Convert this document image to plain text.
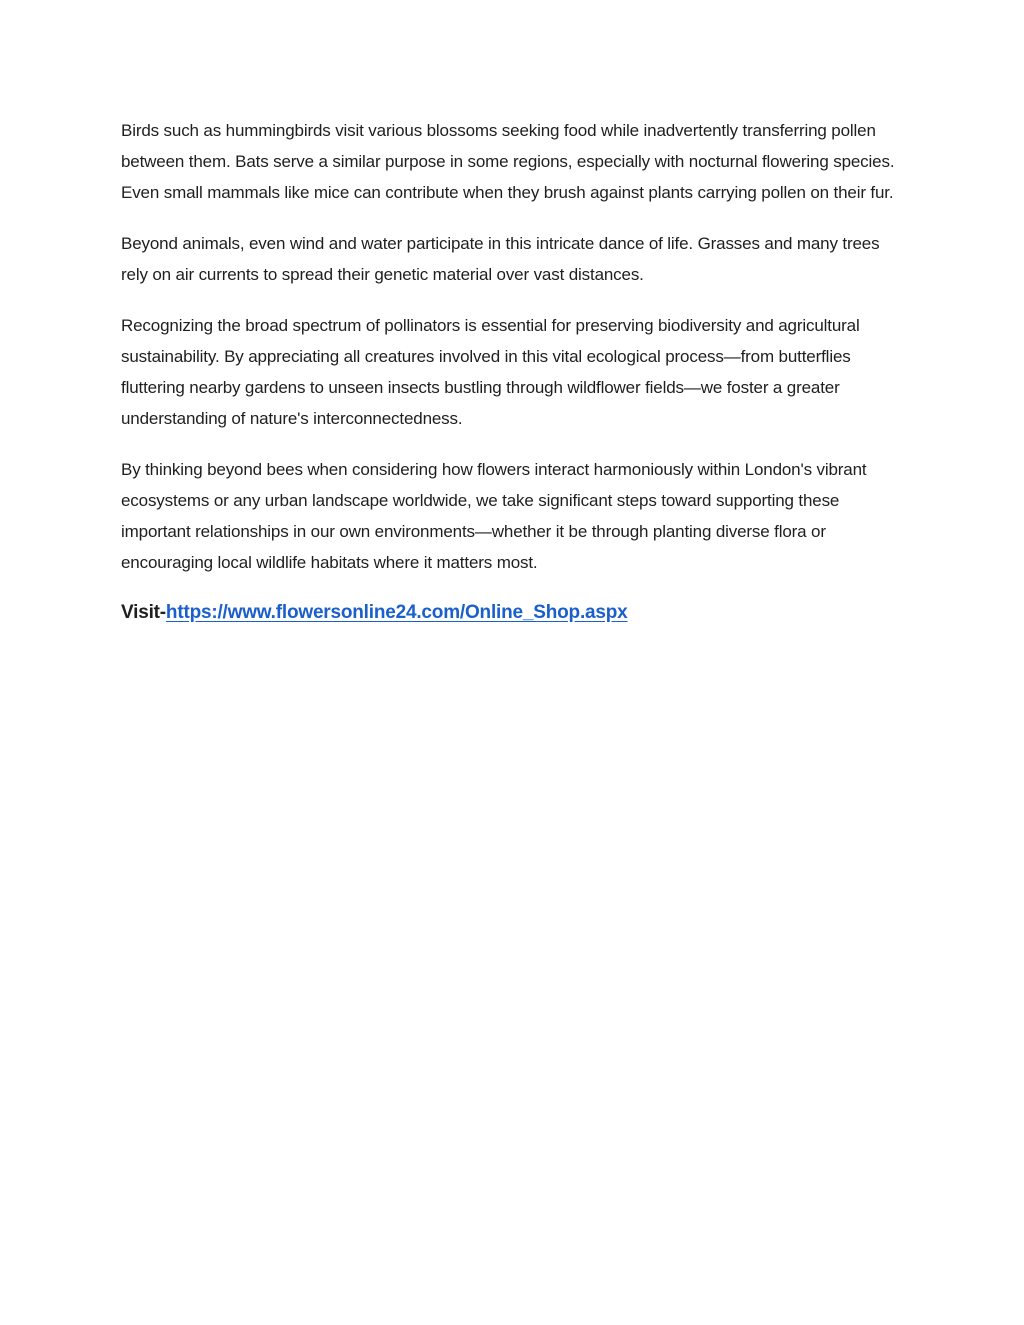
Birds such as hummingbirds visit various blossoms seeking food while inadvertently transferring pollen between them. Bats serve a similar purpose in some regions, especially with nocturnal flowering species. Even small mammals like mice can contribute when they brush against plants carrying pollen on their fur.

Beyond animals, even wind and water participate in this intricate dance of life. Grasses and many trees rely on air currents to spread their genetic material over vast distances.

Recognizing the broad spectrum of pollinators is essential for preserving biodiversity and agricultural sustainability. By appreciating all creatures involved in this vital ecological process—from butterflies fluttering nearby gardens to unseen insects bustling through wildflower fields—we foster a greater understanding of nature's interconnectedness.

By thinking beyond bees when considering how flowers interact harmoniously within London's vibrant ecosystems or any urban landscape worldwide, we take significant steps toward supporting these important relationships in our own environments—whether it be through planting diverse flora or encouraging local wildlife habitats where it matters most.

Visit-https://www.flowersonline24.com/Online_Shop.aspx
